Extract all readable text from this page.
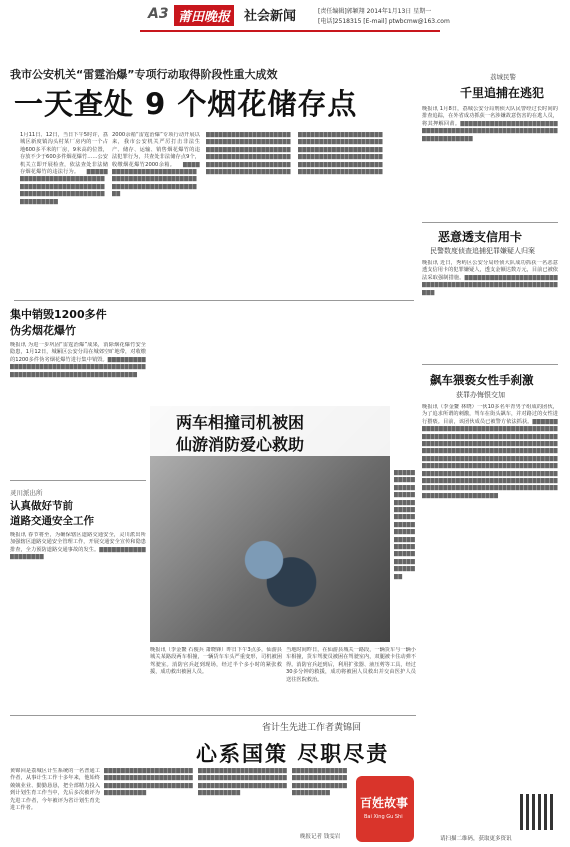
A3 莆田晚报	社会新闻	[责任编辑]郭颖翔 2014年1月13日 星期一
[电话]2518315 [E-mail] ptwbcmw@163.com
我市公安机关“雷霆治爆”专项行动取得阶段性重大成效
一天查处 9 个烟花储存点
1月11日、12日，当日下午5时许，荔城区新度镇沟头村某厂房内的一个占地600多平米的厂房，9米高的位置，存放不少于600多件烟花爆竹……公安机关立即开展检查，依法查处非法储存烟花爆竹的违法行为。 　▇▇▇▇▇▇▇▇▇▇▇▇▇▇▇▇▇▇▇▇▇▇▇▇▇▇▇▇▇▇▇▇▇▇▇▇▇▇▇▇▇▇▇▇▇▇▇▇▇▇▇▇▇▇▇▇▇▇▇▇▇▇▇▇▇▇▇▇▇▇▇▇▇▇
2000余箱“雷霆治爆”专项行动开展以来，我市公安机关严厉打击非法生产、储存、运输、销售烟花爆竹的违法犯罪行为，共查处非法储存点9个，收缴烟花爆竹2000余箱。 　▇▇▇▇▇▇▇▇▇▇▇▇▇▇▇▇▇▇▇▇▇▇▇▇▇▇▇▇▇▇▇▇▇▇▇▇▇▇▇▇▇▇▇▇▇▇▇▇▇▇▇▇▇▇▇▇▇▇▇▇▇▇▇▇▇▇
▇▇▇▇▇▇▇▇▇▇▇▇▇▇▇▇▇▇▇▇▇▇▇▇▇▇▇▇▇▇▇▇▇▇▇▇▇▇▇▇▇▇▇▇▇▇▇▇▇▇▇▇▇▇▇▇▇▇▇▇▇▇▇▇▇▇▇▇▇▇▇▇▇▇▇▇▇▇▇▇▇▇▇▇▇▇▇▇▇▇▇▇▇▇▇▇▇▇▇▇▇▇▇▇▇▇▇▇▇▇▇▇▇▇▇▇▇▇▇▇
▇▇▇▇▇▇▇▇▇▇▇▇▇▇▇▇▇▇▇▇▇▇▇▇▇▇▇▇▇▇▇▇▇▇▇▇▇▇▇▇▇▇▇▇▇▇▇▇▇▇▇▇▇▇▇▇▇▇▇▇▇▇▇▇▇▇▇▇▇▇▇▇▇▇▇▇▇▇▇▇▇▇▇▇▇▇▇▇▇▇▇▇▇▇▇▇▇▇▇▇▇▇▇▇▇▇▇▇▇▇▇▇▇▇▇▇▇▇▇▇
荔城民警
千里追捕在逃犯
晚报讯 1月8日，荔城公安分局刑侦大队民警经过长时间的排查追踪，在外省成功抓获一名涉嫌故意伤害的在逃人员，将其押解回莆。▇▇▇▇▇▇▇▇▇▇▇▇▇▇▇▇▇▇▇▇▇▇▇▇▇▇▇▇▇▇▇▇▇▇▇▇▇▇▇▇▇▇▇▇▇▇▇▇▇▇▇▇▇▇▇▇▇▇▇▇▇▇▇▇▇▇▇
恶意透支信用卡
民警数度侦查追捕犯罪嫌疑人归案
晚报讯 近日，秀屿区公安分局经侦大队成功抓获一名恶意透支信用卡的犯罪嫌疑人，透支金额达数万元，目前已被依法采取强制措施。▇▇▇▇▇▇▇▇▇▇▇▇▇▇▇▇▇▇▇▇▇▇▇▇▇▇▇▇▇▇▇▇▇▇▇▇▇▇▇▇▇▇▇▇▇▇▇▇▇▇▇▇▇▇▇▇▇
飙车猥亵女性手刹激
获罪办悔恨交加
晚报讯（李金鳌 林晓）一伙10多名年青男子组成的团伙，为了追求所谓的刺激，驾车在街头飙车，并对路过的女性进行猥亵。目前，该团伙成员已被警方依法抓获。▇▇▇▇▇▇▇▇▇▇▇▇▇▇▇▇▇▇▇▇▇▇▇▇▇▇▇▇▇▇▇▇▇▇▇▇▇▇▇▇▇▇▇▇▇▇▇▇▇▇▇▇▇▇▇▇▇▇▇▇▇▇▇▇▇▇▇▇▇▇▇▇▇▇▇▇▇▇▇▇▇▇▇▇▇▇▇▇▇▇▇▇▇▇▇▇▇▇▇▇▇▇▇▇▇▇▇▇▇▇▇▇▇▇▇▇▇▇▇▇▇▇▇▇▇▇▇▇▇▇▇▇▇▇▇▇▇▇▇▇▇▇▇▇▇▇▇▇▇▇▇▇▇▇▇▇▇▇▇▇▇▇▇▇▇▇▇▇▇▇▇▇▇▇▇▇▇▇▇▇▇▇▇▇▇▇▇▇▇▇▇▇▇▇▇▇▇▇▇▇▇▇▇▇▇▇▇▇▇▇▇▇▇▇▇▇▇▇▇▇▇▇▇▇▇▇▇▇▇▇▇▇▇▇▇▇▇▇▇▇▇▇▇▇▇▇▇▇▇▇▇▇▇▇▇▇▇▇▇▇▇▇▇▇▇▇▇▇▇▇▇▇▇▇▇▇▇▇▇▇▇▇▇▇▇▇▇▇▇▇▇▇▇▇▇▇▇▇▇▇▇▇▇▇▇▇▇▇▇▇▇▇
请扫描二维码，获取更多资讯
集中销毁1200多件
伪劣烟花爆竹
晚报讯 为进一步巩固“雷霆治爆”成果，消除烟花爆竹安全隐患，1月12日，城厢区公安分局在城郊空旷地带，对收缴的1200多件伪劣烟花爆竹进行集中销毁。▇▇▇▇▇▇▇▇▇▇▇▇▇▇▇▇▇▇▇▇▇▇▇▇▇▇▇▇▇▇▇▇▇▇▇▇▇▇▇▇▇▇▇▇▇▇▇▇▇▇▇▇▇▇▇▇▇▇▇▇▇▇▇▇▇▇▇▇▇▇▇
灵川派出所
认真做好节前
道路交通安全工作
晚报讯 春节将至，为确保辖区道路交通安全，灵川派出所加强辖区道路交通安全管理工作，开展交通安全宣传和隐患排查，全力预防道路交通事故的发生。▇▇▇▇▇▇▇▇▇▇▇▇▇▇▇▇▇▇▇
两车相撞司机被困
仙游消防爱心救助
晚报讯（李金鳌 石俊兵 萧晓锋）昨日下午3点多，仙游县城关某路段两车相撞，一辆货车车头严重变形，司机被困驾驶室。消防官兵赶到现场，经过半个多小时的紧张救援，成功救出被困人员。
当地时间昨日，在仙游县城关一路段，一辆货车与一辆小车相撞，货车驾驶员被困在驾驶室内，双腿被卡住动弹不得。消防官兵赶到后，利用扩张器、液压剪等工具，经过30多分钟的救援，成功将被困人员救出并交由医护人员送往医院救治。
▇▇▇▇▇▇▇▇▇▇▇▇▇▇▇▇▇▇▇▇▇▇▇▇▇▇▇▇▇▇▇▇▇▇▇▇▇▇▇▇▇▇▇▇▇▇▇▇▇▇▇▇▇▇▇▇▇▇▇▇▇▇▇▇▇▇▇▇▇▇▇▇
省计生先进工作者黄锦回
心系国策 尽职尽责
黄锦回是荔城区计生系统的一名普通工作者，从事计生工作十多年来，他始终兢兢业业、勤勤恳恳，把全部精力投入到计划生育工作当中，先后多次被评为先进工作者，今年被评为省计划生育先进工作者。
▇▇▇▇▇▇▇▇▇▇▇▇▇▇▇▇▇▇▇▇▇▇▇▇▇▇▇▇▇▇▇▇▇▇▇▇▇▇▇▇▇▇▇▇▇▇▇▇▇▇▇▇▇▇▇▇▇▇▇▇▇▇▇▇▇▇▇▇▇▇▇▇▇
▇▇▇▇▇▇▇▇▇▇▇▇▇▇▇▇▇▇▇▇▇▇▇▇▇▇▇▇▇▇▇▇▇▇▇▇▇▇▇▇▇▇▇▇▇▇▇▇▇▇▇▇▇▇▇▇▇▇▇▇▇▇▇▇▇▇▇▇▇▇▇▇▇
▇▇▇▇▇▇▇▇▇▇▇▇▇▇▇▇▇▇▇▇▇▇▇▇▇▇▇▇▇▇▇▇▇▇▇▇▇▇▇▇▇▇▇▇▇▇▇▇
晚报记者 钱雯岩
百姓故事
Bai Xing Gu Shi
